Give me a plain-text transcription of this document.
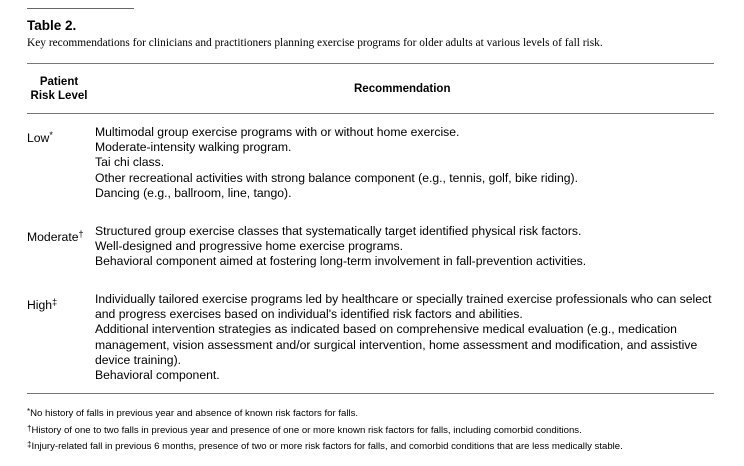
Table 2.
Key recommendations for clinicians and practitioners planning exercise programs for older adults at various levels of fall risk.
Patient
Risk Level
Recommendation
Low*	Multimodal group exercise programs with or without home exercise.
Moderate-intensity walking program.
Tai chi class.
Other recreational activities with strong balance component (e.g., tennis, golf, bike riding).
Dancing (e.g., ballroom, line, tango).
Moderate† Structured group exercise classes that systematically target identified physical risk factors.
Well-designed and progressive home exercise programs.
Behavioral component aimed at fostering long-term involvement in fall-prevention activities.
High‡	Individually tailored exercise programs led by healthcare or specially trained exercise professionals who can select and progress exercises based on individual's identified risk factors and abilities.
Additional intervention strategies as indicated based on comprehensive medical evaluation (e.g., medication management, vision assessment and/or surgical intervention, home assessment and modification, and assistive device training).
Behavioral component.
*No history of falls in previous year and absence of known risk factors for falls.
†History of one to two falls in previous year and presence of one or more known risk factors for falls, including comorbid conditions.
‡Injury-related fall in previous 6 months, presence of two or more risk factors for falls, and comorbid conditions that are less medically stable.
